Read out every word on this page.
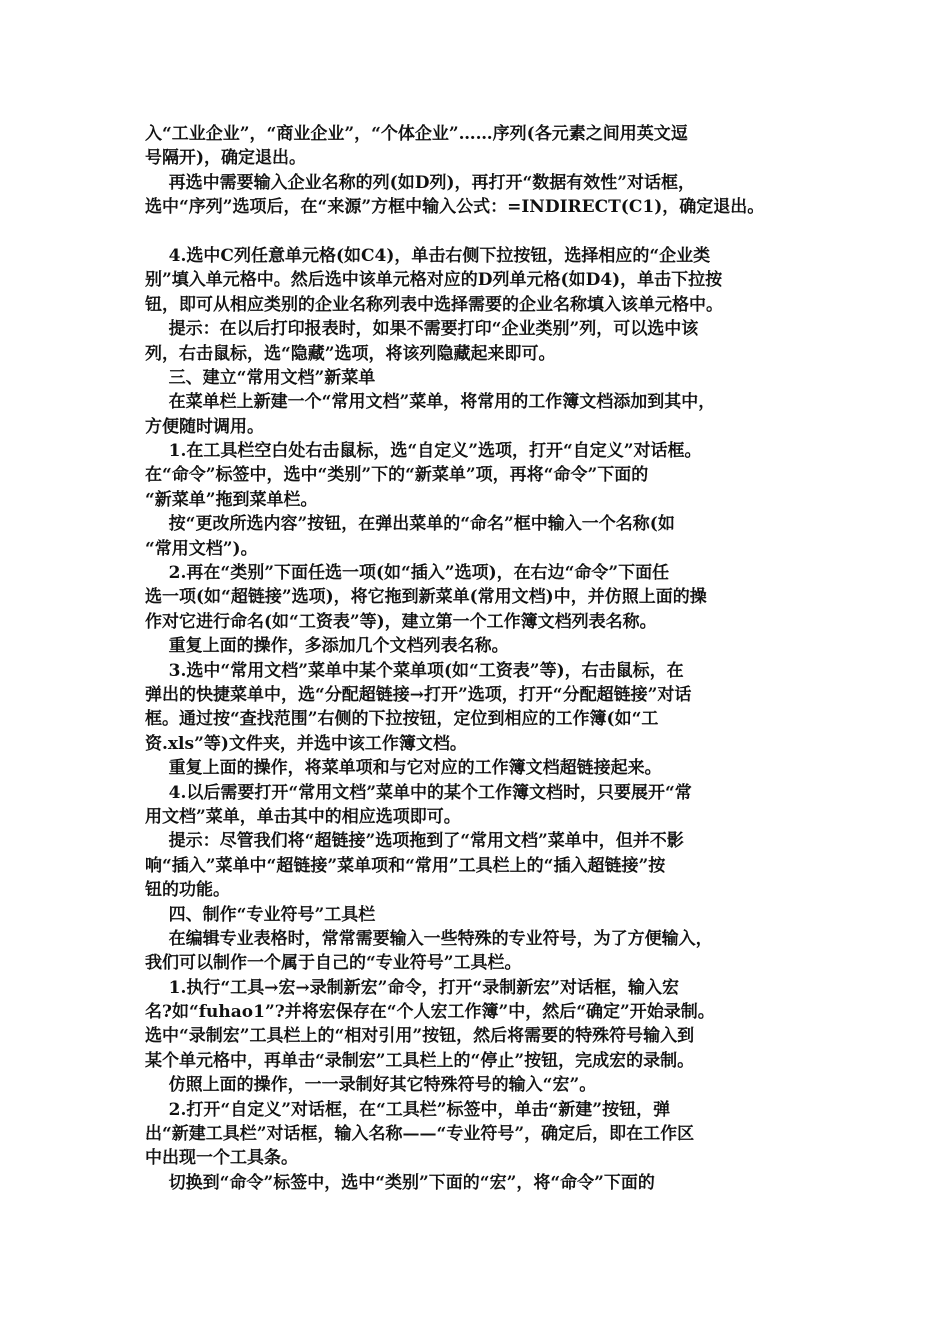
入“工业企业”，“商业企业”，“个体企业”……序列(各元素之间用英文逗
号隔开)，确定退出。
再选中需要输入企业名称的列(如D列)，再打开“数据有效性”对话框，
选中“序列”选项后，在“来源”方框中输入公式：=INDIRECT(C1)，确定退出。
4.选中C列任意单元格(如C4)，单击右侧下拉按钮，选择相应的“企业类
别”填入单元格中。然后选中该单元格对应的D列单元格(如D4)，单击下拉按
钮，即可从相应类别的企业名称列表中选择需要的企业名称填入该单元格中。
提示：在以后打印报表时，如果不需要打印“企业类别”列，可以选中该
列，右击鼠标，选“隐藏”选项，将该列隐藏起来即可。
三、建立“常用文档”新菜单
在菜单栏上新建一个“常用文档”菜单，将常用的工作簿文档添加到其中，
方便随时调用。
1.在工具栏空白处右击鼠标，选“自定义”选项，打开“自定义”对话框。
在“命令”标签中，选中“类别”下的“新菜单”项，再将“命令”下面的
“新菜单”拖到菜单栏。
按“更改所选内容”按钮，在弹出菜单的“命名”框中输入一个名称(如
“常用文档”)。
2.再在“类别”下面任选一项(如“插入”选项)，在右边“命令”下面任
选一项(如“超链接”选项)，将它拖到新菜单(常用文档)中，并仿照上面的操
作对它进行命名(如“工资表”等)，建立第一个工作簿文档列表名称。
重复上面的操作，多添加几个文档列表名称。
3.选中“常用文档”菜单中某个菜单项(如“工资表”等)，右击鼠标，在
弹出的快捷菜单中，选“分配超链接→打开”选项，打开“分配超链接”对话
框。通过按“查找范围”右侧的下拉按钮，定位到相应的工作簿(如“工
资.xls”等)文件夹，并选中该工作簿文档。
重复上面的操作，将菜单项和与它对应的工作簿文档超链接起来。
4.以后需要打开“常用文档”菜单中的某个工作簿文档时，只要展开“常
用文档”菜单，单击其中的相应选项即可。
提示：尽管我们将“超链接”选项拖到了“常用文档”菜单中，但并不影
响“插入”菜单中“超链接”菜单项和“常用”工具栏上的“插入超链接”按
钮的功能。
四、制作“专业符号”工具栏
在编辑专业表格时，常常需要输入一些特殊的专业符号，为了方便输入，
我们可以制作一个属于自己的“专业符号”工具栏。
1.执行“工具→宏→录制新宏”命令，打开“录制新宏”对话框，输入宏
名?如“fuhao1”?并将宏保存在“个人宏工作簿”中，然后“确定”开始录制。
选中“录制宏”工具栏上的“相对引用”按钮，然后将需要的特殊符号输入到
某个单元格中，再单击“录制宏”工具栏上的“停止”按钮，完成宏的录制。
仿照上面的操作，一一录制好其它特殊符号的输入“宏”。
2.打开“自定义”对话框，在“工具栏”标签中，单击“新建”按钮，弹
出“新建工具栏”对话框，输入名称——“专业符号”，确定后，即在工作区
中出现一个工具条。
切换到“命令”标签中，选中“类别”下面的“宏”，将“命令”下面的
